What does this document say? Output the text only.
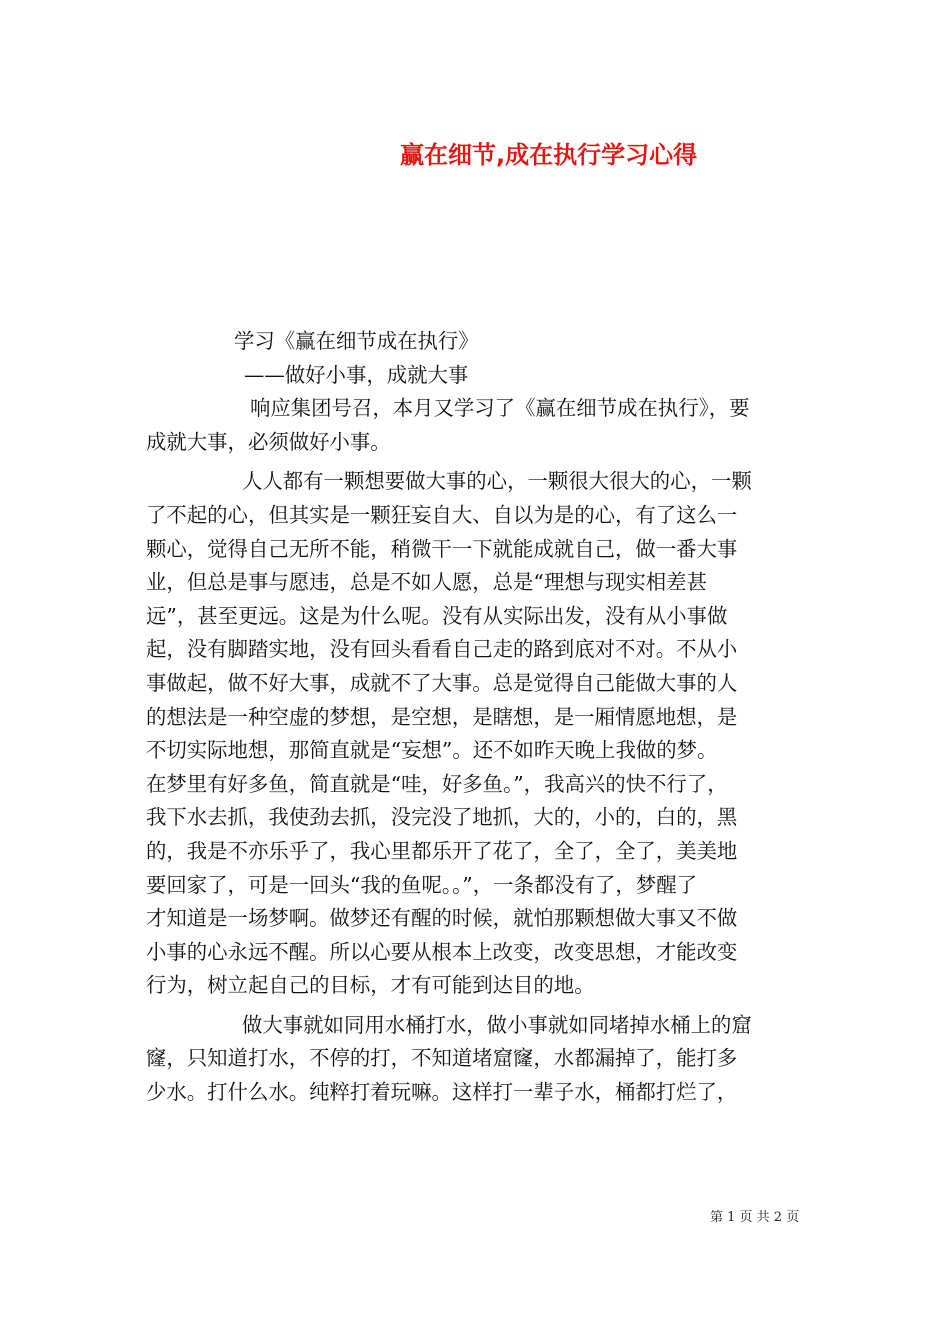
赢在细节,成在执行学习心得
学习《赢在细节成在执行》
——做好小事，成就大事
响应集团号召，本月又学习了《赢在细节成在执行》，要
成就大事，必须做好小事。
人人都有一颗想要做大事的心，一颗很大很大的心，一颗
了不起的心，但其实是一颗狂妄自大、自以为是的心，有了这么一
颗心，觉得自己无所不能，稍微干一下就能成就自己，做一番大事
业，但总是事与愿违，总是不如人愿，总是“理想与现实相差甚
远”，甚至更远。这是为什么呢。没有从实际出发，没有从小事做
起，没有脚踏实地，没有回头看看自己走的路到底对不对。不从小
事做起，做不好大事，成就不了大事。总是觉得自己能做大事的人
的想法是一种空虚的梦想，是空想，是瞎想，是一厢情愿地想，是
不切实际地想，那简直就是“妄想”。还不如昨天晚上我做的梦。
在梦里有好多鱼，简直就是“哇，好多鱼。”，我高兴的快不行了，
我下水去抓，我使劲去抓，没完没了地抓，大的，小的，白的，黑
的，我是不亦乐乎了，我心里都乐开了花了，全了，全了，美美地
要回家了，可是一回头“我的鱼呢。。”，一条都没有了，梦醒了
才知道是一场梦啊。做梦还有醒的时候，就怕那颗想做大事又不做
小事的心永远不醒。所以心要从根本上改变，改变思想，才能改变
行为，树立起自己的目标，才有可能到达目的地。
做大事就如同用水桶打水，做小事就如同堵掉水桶上的窟
窿，只知道打水，不停的打，不知道堵窟窿，水都漏掉了，能打多
少水。打什么水。纯粹打着玩嘛。这样打一辈子水，桶都打烂了，
第 1 页 共 2 页
